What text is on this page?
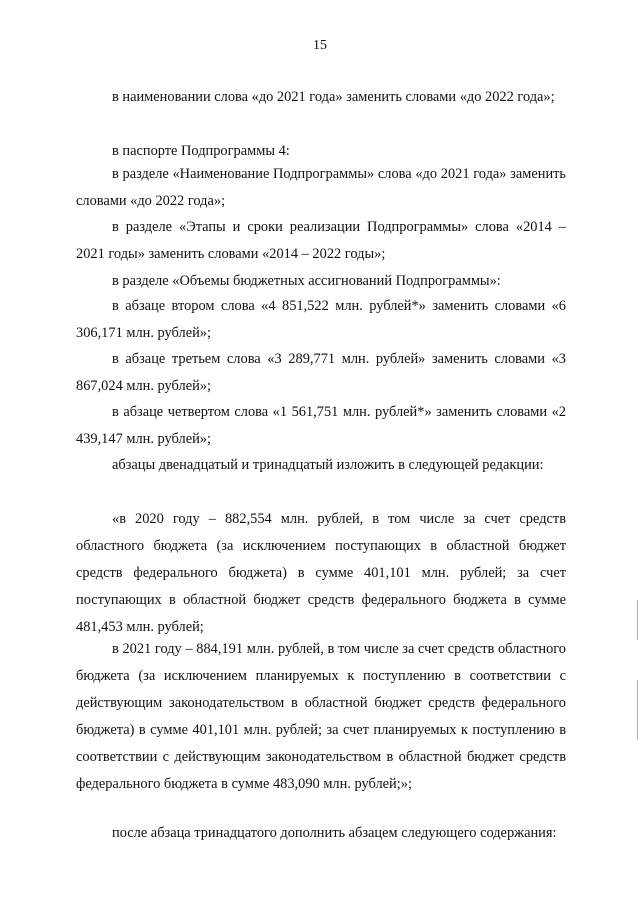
15

в наименовании слова «до 2021 года» заменить словами «до 2022 года»;

в паспорте Подпрограммы 4:

в разделе «Наименование Подпрограммы» слова «до 2021 года» заменить словами «до 2022 года»;

в разделе «Этапы и сроки реализации Подпрограммы» слова «2014 – 2021 годы» заменить словами «2014 – 2022 годы»;

в разделе «Объемы бюджетных ассигнований Подпрограммы»:

в абзаце втором слова «4 851,522 млн. рублей*» заменить словами «6 306,171 млн. рублей»;

в абзаце третьем слова «3 289,771 млн. рублей» заменить словами «3 867,024 млн. рублей»;

в абзаце четвертом слова «1 561,751 млн. рублей*» заменить словами «2 439,147 млн. рублей»;

абзацы двенадцатый и тринадцатый изложить в следующей редакции:

«в 2020 году – 882,554 млн. рублей, в том числе за счет средств областного бюджета (за исключением поступающих в областной бюджет средств федерального бюджета) в сумме 401,101 млн. рублей; за счет поступающих в областной бюджет средств федерального бюджета в сумме 481,453 млн. рублей;

в 2021 году – 884,191 млн. рублей, в том числе за счет средств областного бюджета (за исключением планируемых к поступлению в соответствии с действующим законодательством в областной бюджет средств федерального бюджета) в сумме 401,101 млн. рублей; за счет планируемых к поступлению в соответствии с действующим законодательством в областной бюджет средств федерального бюджета в сумме 483,090 млн. рублей;»;

после абзаца тринадцатого дополнить абзацем следующего содержания:
